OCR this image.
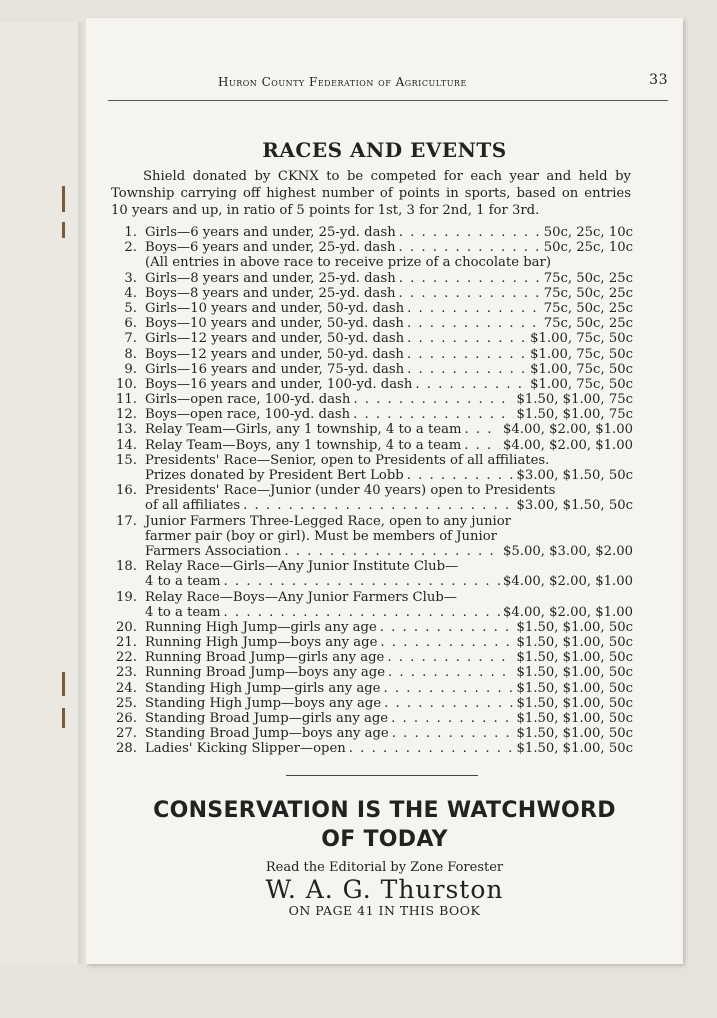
Huron County Federation of Agriculture	33
RACES AND EVENTS
Shield donated by CKNX to be competed for each year and held by Township carrying off highest number of points in sports, based on entries 10 years and up, in ratio of 5 points for 1st, 3 for 2nd, 1 for 3rd.
1. Girls—6 years and under, 25-yd. dash . . .	50c, 25c, 10c
2. Boys—6 years and under, 25-yd. dash . . .	50c, 25c, 10c
(All entries in above race to receive prize of a chocolate bar)
3. Girls—8 years and under, 25-yd. dash . . .	75c, 50c, 25c
4. Boys—8 years and under, 25-yd. dash . . .	75c, 50c, 25c
5. Girls—10 years and under, 50-yd. dash . . .	75c, 50c, 25c
6. Boys—10 years and under, 50-yd. dash . . .	75c, 50c, 25c
7. Girls—12 years and under, 50-yd. dash . . .	$1.00, 75c, 50c
8. Boys—12 years and under, 50-yd. dash . . .	$1.00, 75c, 50c
9. Girls—16 years and under, 75-yd. dash . . .	$1.00, 75c, 50c
10. Boys—16 years and under, 100-yd. dash . . .	$1.00, 75c, 50c
11. Girls—open race, 100-yd. dash . . .	$1.50, $1.00, 75c
12. Boys—open race, 100-yd. dash . . .	$1.50, $1.00, 75c
13. Relay Team—Girls, any 1 township, 4 to a team . . .	$4.00, $2.00, $1.00
14. Relay Team—Boys, any 1 township, 4 to a team . . .	$4.00, $2.00, $1.00
15. Presidents' Race—Senior, open to Presidents of all affiliates.
Prizes donated by President Bert Lobb . . .	$3.00, $1.50, 50c
16. Presidents' Race—Junior (under 40 years) open to Presidents
of all affiliates . . .	$3.00, $1.50, 50c
17. Junior Farmers Three-Legged Race, open to any junior
farmer pair (boy or girl). Must be members of Junior
Farmers Association . . .	$5.00, $3.00, $2.00
18. Relay Race—Girls—Any Junior Institute Club—
4 to a team . . .	$4.00, $2.00, $1.00
19. Relay Race—Boys—Any Junior Farmers Club—
4 to a team . . .	$4.00, $2.00, $1.00
20. Running High Jump—girls any age . . .	$1.50, $1.00, 50c
21. Running High Jump—boys any age . . .	$1.50, $1.00, 50c
22. Running Broad Jump—girls any age . . .	$1.50, $1.00, 50c
23. Running Broad Jump—boys any age . . .	$1.50, $1.00, 50c
24. Standing High Jump—girls any age . . .	$1.50, $1.00, 50c
25. Standing High Jump—boys any age . . .	$1.50, $1.00, 50c
26. Standing Broad Jump—girls any age . . .	$1.50, $1.00, 50c
27. Standing Broad Jump—boys any age . . .	$1.50, $1.00, 50c
28. Ladies' Kicking Slipper—open . . .	$1.50, $1.00, 50c
CONSERVATION IS THE WATCHWORD
OF TODAY
Read the Editorial by Zone Forester
W. A. G. Thurston
ON PAGE 41 IN THIS BOOK
